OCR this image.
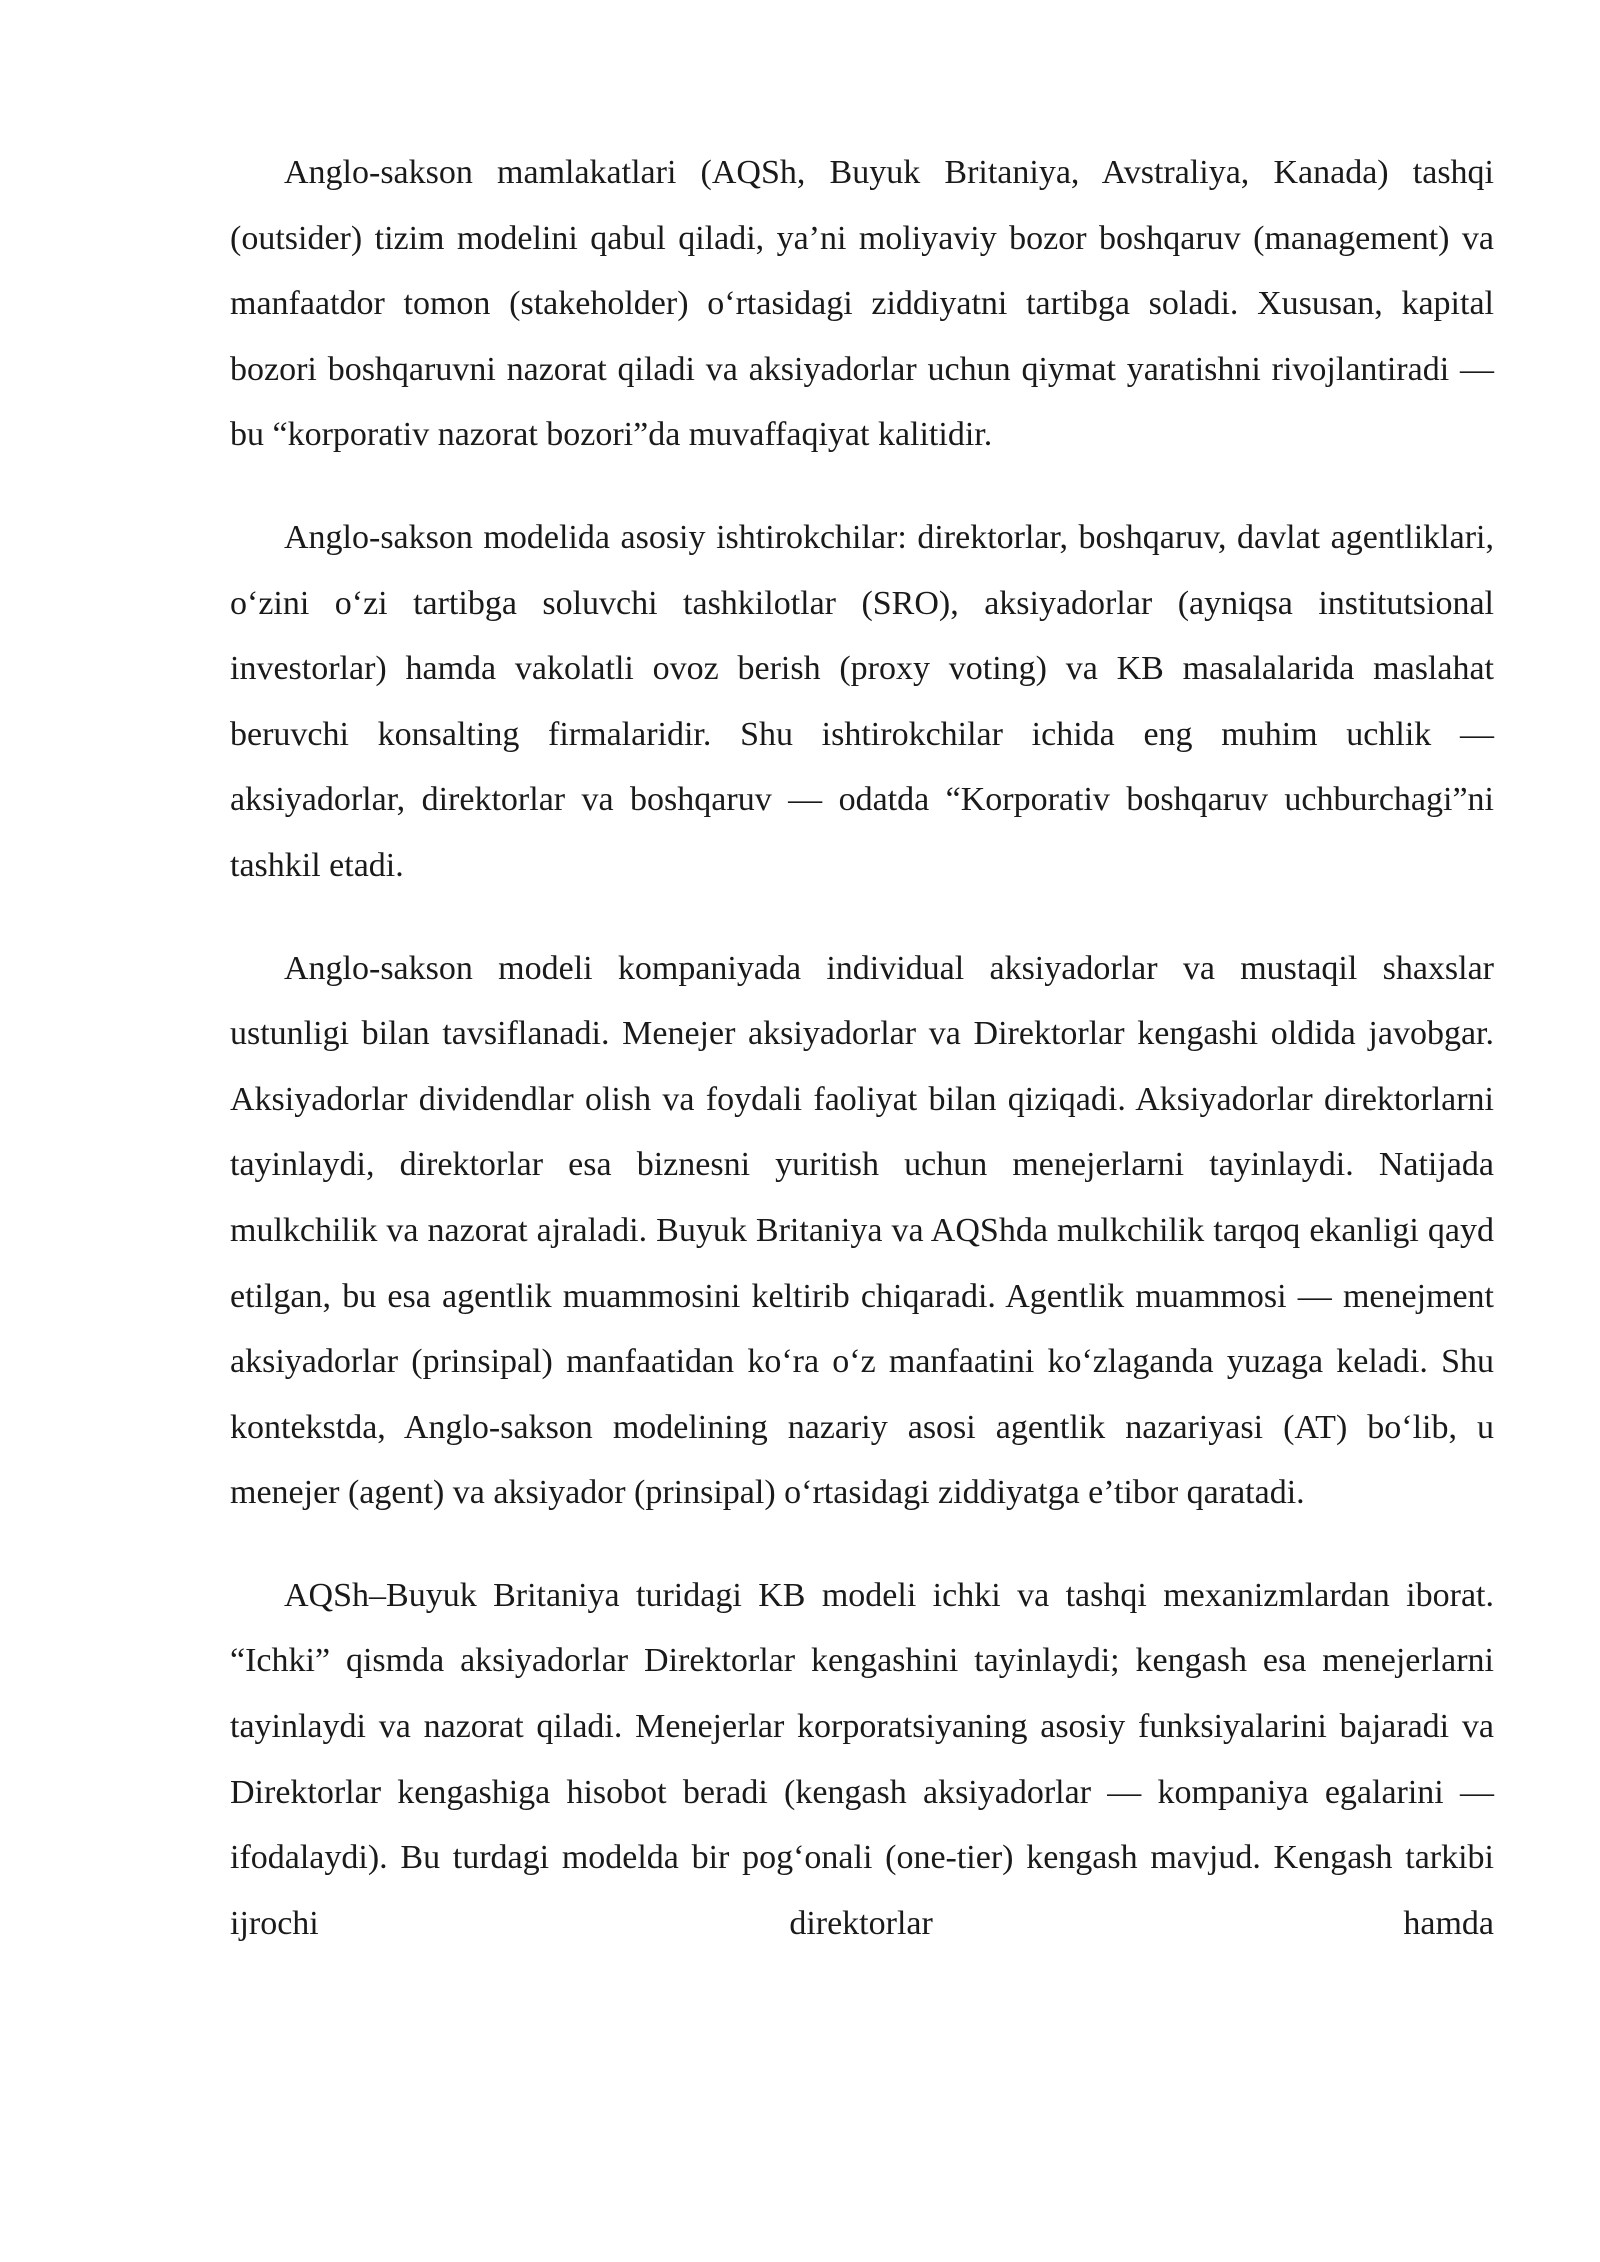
Anglo-sakson mamlakatlari (AQSh, Buyuk Britaniya, Avstraliya, Kanada) tashqi (outsider) tizim modelini qabul qiladi, ya’ni moliyaviy bozor boshqaruv (management) va manfaatdor tomon (stakeholder) o‘rtasidagi ziddiyatni tartibga soladi. Xususan, kapital bozori boshqaruvni nazorat qiladi va aksiyadorlar uchun qiymat yaratishni rivojlantiradi — bu “korporativ nazorat bozori”da muvaffaqiyat kalitidir.

Anglo-sakson modelida asosiy ishtirokchilar: direktorlar, boshqaruv, davlat agentliklari, o‘zini o‘zi tartibga soluvchi tashkilotlar (SRO), aksiyadorlar (ayniqsa institutsional investorlar) hamda vakolatli ovoz berish (proxy voting) va KB masalalarida maslahat beruvchi konsalting firmalaridir. Shu ishtirokchilar ichida eng muhim uchlik — aksiyadorlar, direktorlar va boshqaruv — odatda “Korporativ boshqaruv uchburchagi”ni tashkil etadi.

Anglo-sakson modeli kompaniyada individual aksiyadorlar va mustaqil shaxslar ustunligi bilan tavsiflanadi. Menejer aksiyadorlar va Direktorlar kengashi oldida javobgar. Aksiyadorlar dividendlar olish va foydali faoliyat bilan qiziqadi. Aksiyadorlar direktorlarni tayinlaydi, direktorlar esa biznesni yuritish uchun menejerlarni tayinlaydi. Natijada mulkchilik va nazorat ajraladi. Buyuk Britaniya va AQShda mulkchilik tarqoq ekanligi qayd etilgan, bu esa agentlik muammosini keltirib chiqaradi. Agentlik muammosi — menejment aksiyadorlar (prinsipal) manfaatidan ko‘ra o‘z manfaatini ko‘zlaganda yuzaga keladi. Shu kontekstda, Anglo-sakson modelining nazariy asosi agentlik nazariyasi (AT) bo‘lib, u menejer (agent) va aksiyador (prinsipal) o‘rtasidagi ziddiyatga e’tibor qaratadi.

AQSh–Buyuk Britaniya turidagi KB modeli ichki va tashqi mexanizmlardan iborat. “Ichki” qismda aksiyadorlar Direktorlar kengashini tayinlaydi; kengash esa menejerlarni tayinlaydi va nazorat qiladi. Menejerlar korporatsiyaning asosiy funksiyalarini bajaradi va Direktorlar kengashiga hisobot beradi (kengash aksiyadorlar — kompaniya egalarini — ifodalaydi). Bu turdagi modelda bir pog‘onali (one-tier) kengash mavjud. Kengash tarkibi ijrochi direktorlar hamda
